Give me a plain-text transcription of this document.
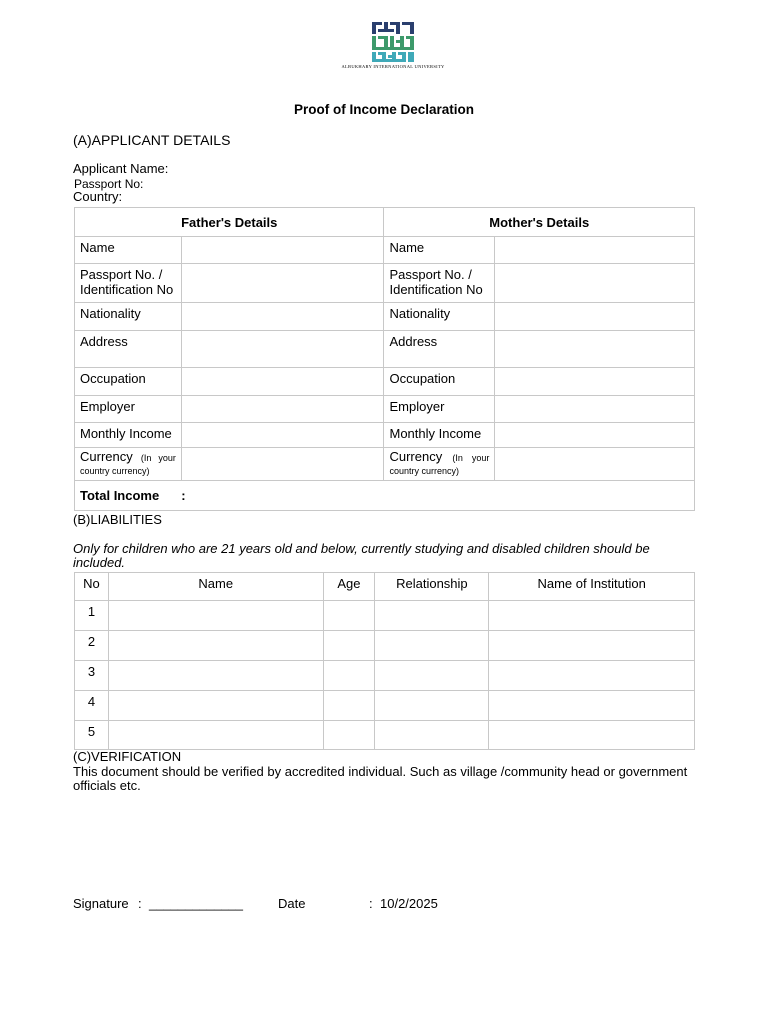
ALBUKHARY INTERNATIONAL UNIVERSITY
Proof of Income Declaration
(A)APPLICANT DETAILS
Applicant Name:
Passport No:
Country:
Father's Details		Mother's Details	
Name		Name	
Passport No. / Identification No		Passport No. / Identification No	
Nationality		Nationality	
Address		Address	
Occupation		Occupation	
Employer		Employer	
Monthly Income		Monthly Income	
Currency (In your country currency)		Currency (In your country currency)	
Total Income :			
(B)LIABILITIES
Only for children who are 21 years old and below, currently studying and disabled children should be included.
No	Name	Age	Relationship	Name of Institution
1				
2				
3				
4				
5				
(C)VERIFICATION
This document should be verified by accredited individual. Such as village /community head or government officials etc.
Signature : _____________	Date	: 10/2/2025
